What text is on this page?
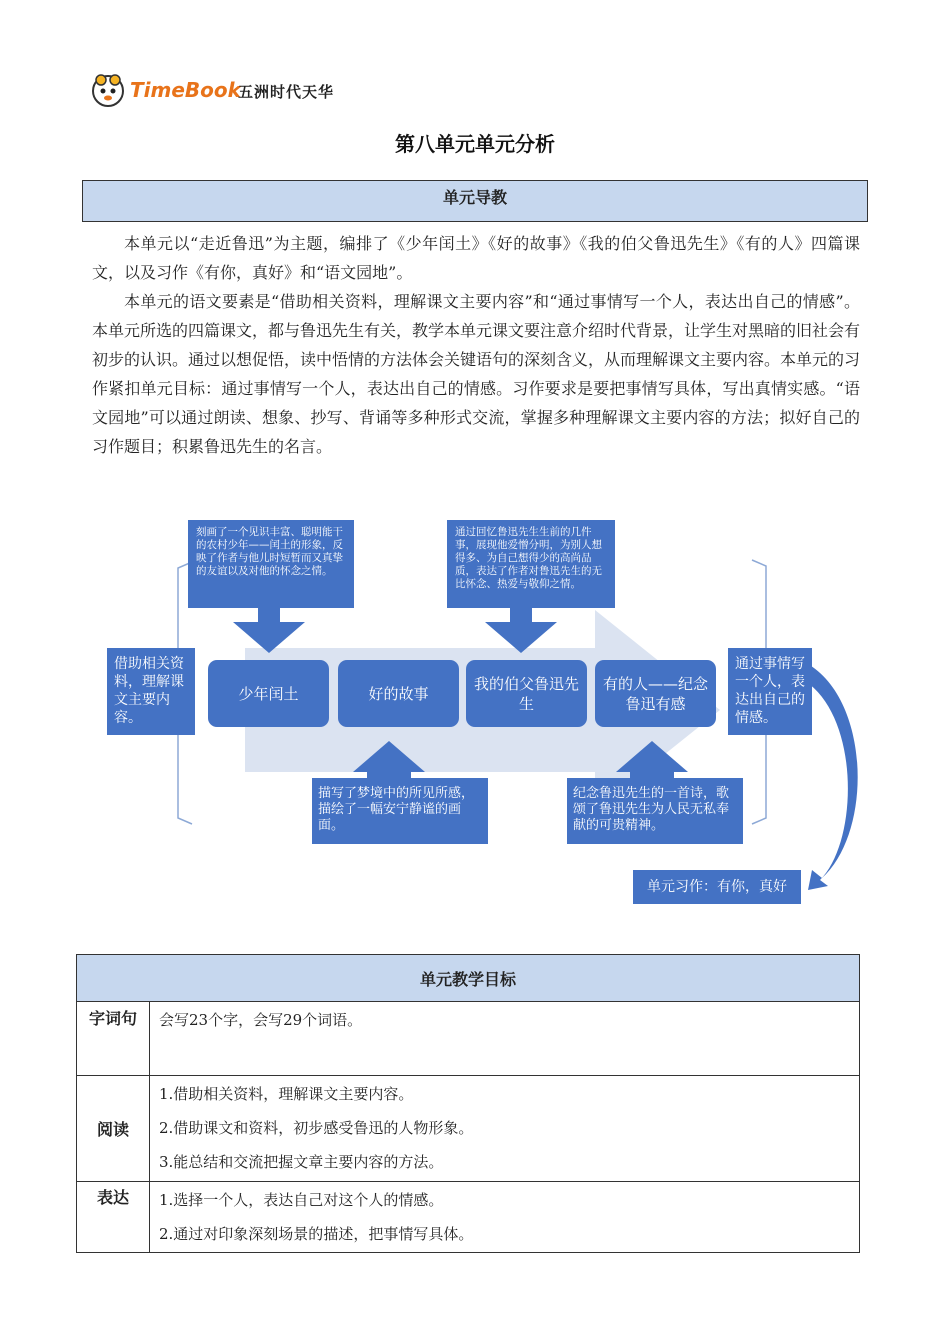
TimeBook
五洲时代天华
第八单元单元分析
单元导教
本单元以“走近鲁迅”为主题，编排了《少年闰土》《好的故事》《我的伯父鲁迅先生》《有的人》四篇课文，以及习作《有你，真好》和“语文园地”。
本单元的语文要素是“借助相关资料，理解课文主要内容”和“通过事情写一个人，表达出自己的情感”。本单元所选的四篇课文，都与鲁迅先生有关，教学本单元课文要注意介绍时代背景，让学生对黑暗的旧社会有初步的认识。通过以想促悟，读中悟情的方法体会关键语句的深刻含义，从而理解课文主要内容。本单元的习作紧扣单元目标：通过事情写一个人，表达出自己的情感。习作要求是要把事情写具体，写出真情实感。“语文园地”可以通过朗读、想象、抄写、背诵等多种形式交流，掌握多种理解课文主要内容的方法；拟好自己的习作题目；积累鲁迅先生的名言。
刻画了一个见识丰富、聪明能干的农村少年——闰土的形象，反映了作者与他儿时短暂而又真挚的友谊以及对他的怀念之情。
通过回忆鲁迅先生生前的几件事，展现他爱憎分明，为别人想得多、为自己想得少的高尚品质，表达了作者对鲁迅先生的无比怀念、热爱与敬仰之情。
借助相关资料，理解课文主要内容。
通过事情写一个人，表达出自己的情感。
少年闰土	好的故事
我的伯父鲁迅先生
有的人——纪念鲁迅有感
描写了梦境中的所见所感，描绘了一幅安宁静谧的画面。
纪念鲁迅先生的一首诗，歌颂了鲁迅先生为人民无私奉献的可贵精神。
单元习作：有你，真好
单元教学目标	
字词句	会写23个字，会写29个词语。

阅读	1.借助相关资料，理解课文主要内容。
2.借助课文和资料，初步感受鲁迅的人物形象。
3.能总结和交流把握文章主要内容的方法。

表达	1.选择一个人，表达自己对这个人的情感。
2.通过对印象深刻场景的描述，把事情写具体。
